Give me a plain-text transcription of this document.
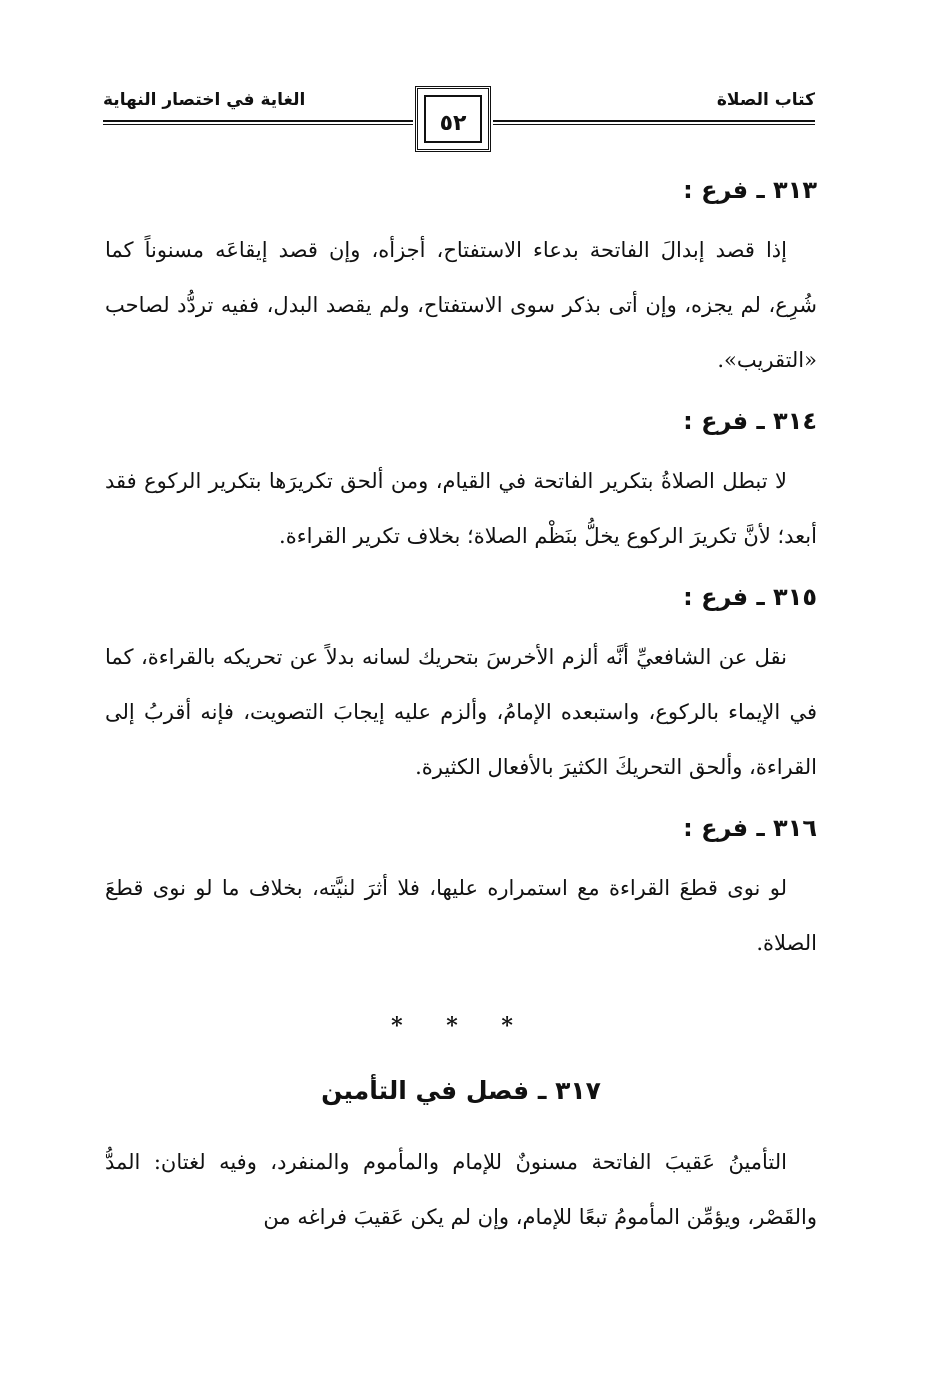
كتاب الصلاة
٥٢
الغاية في اختصار النهاية
٣١٣ ـ فرع :

إذا قصد إبدالَ الفاتحة بدعاء الاستفتاح، أجزأه، وإن قصد إيقاعَه مسنوناً كما شُرِع، لم يجزه، وإن أتى بذكر سوى الاستفتاح، ولم يقصد البدل، ففيه تردُّد لصاحب «التقريب».

٣١٤ ـ فرع :

لا تبطل الصلاةُ بتكرير الفاتحة في القيام، ومن ألحق تكريرَها بتكرير الركوع فقد أبعد؛ لأنَّ تكريرَ الركوع يخلُّ بنَظْم الصلاة؛ بخلاف تكرير القراءة.

٣١٥ ـ فرع :

نقل عن الشافعيِّ أنَّه ألزم الأخرسَ بتحريك لسانه بدلاً عن تحريكه بالقراءة، كما في الإيماء بالركوع، واستبعده الإمامُ، وألزم عليه إيجابَ التصويت، فإنه أقربُ إلى القراءة، وألحق التحريكَ الكثيرَ بالأفعال الكثيرة.

٣١٦ ـ فرع :

لو نوى قطعَ القراءة مع استمراره عليها، فلا أثرَ لنيَّته، بخلاف ما لو نوى قطعَ الصلاة.

* * *
٣١٧ ـ فصل في التأمين

التأمينُ عَقيبَ الفاتحة مسنونٌ للإمام والمأموم والمنفرد، وفيه لغتان: المدُّ والقَصْر، ويؤمِّن المأمومُ تبعًا للإمام، وإن لم يكن عَقيبَ فراغه من
